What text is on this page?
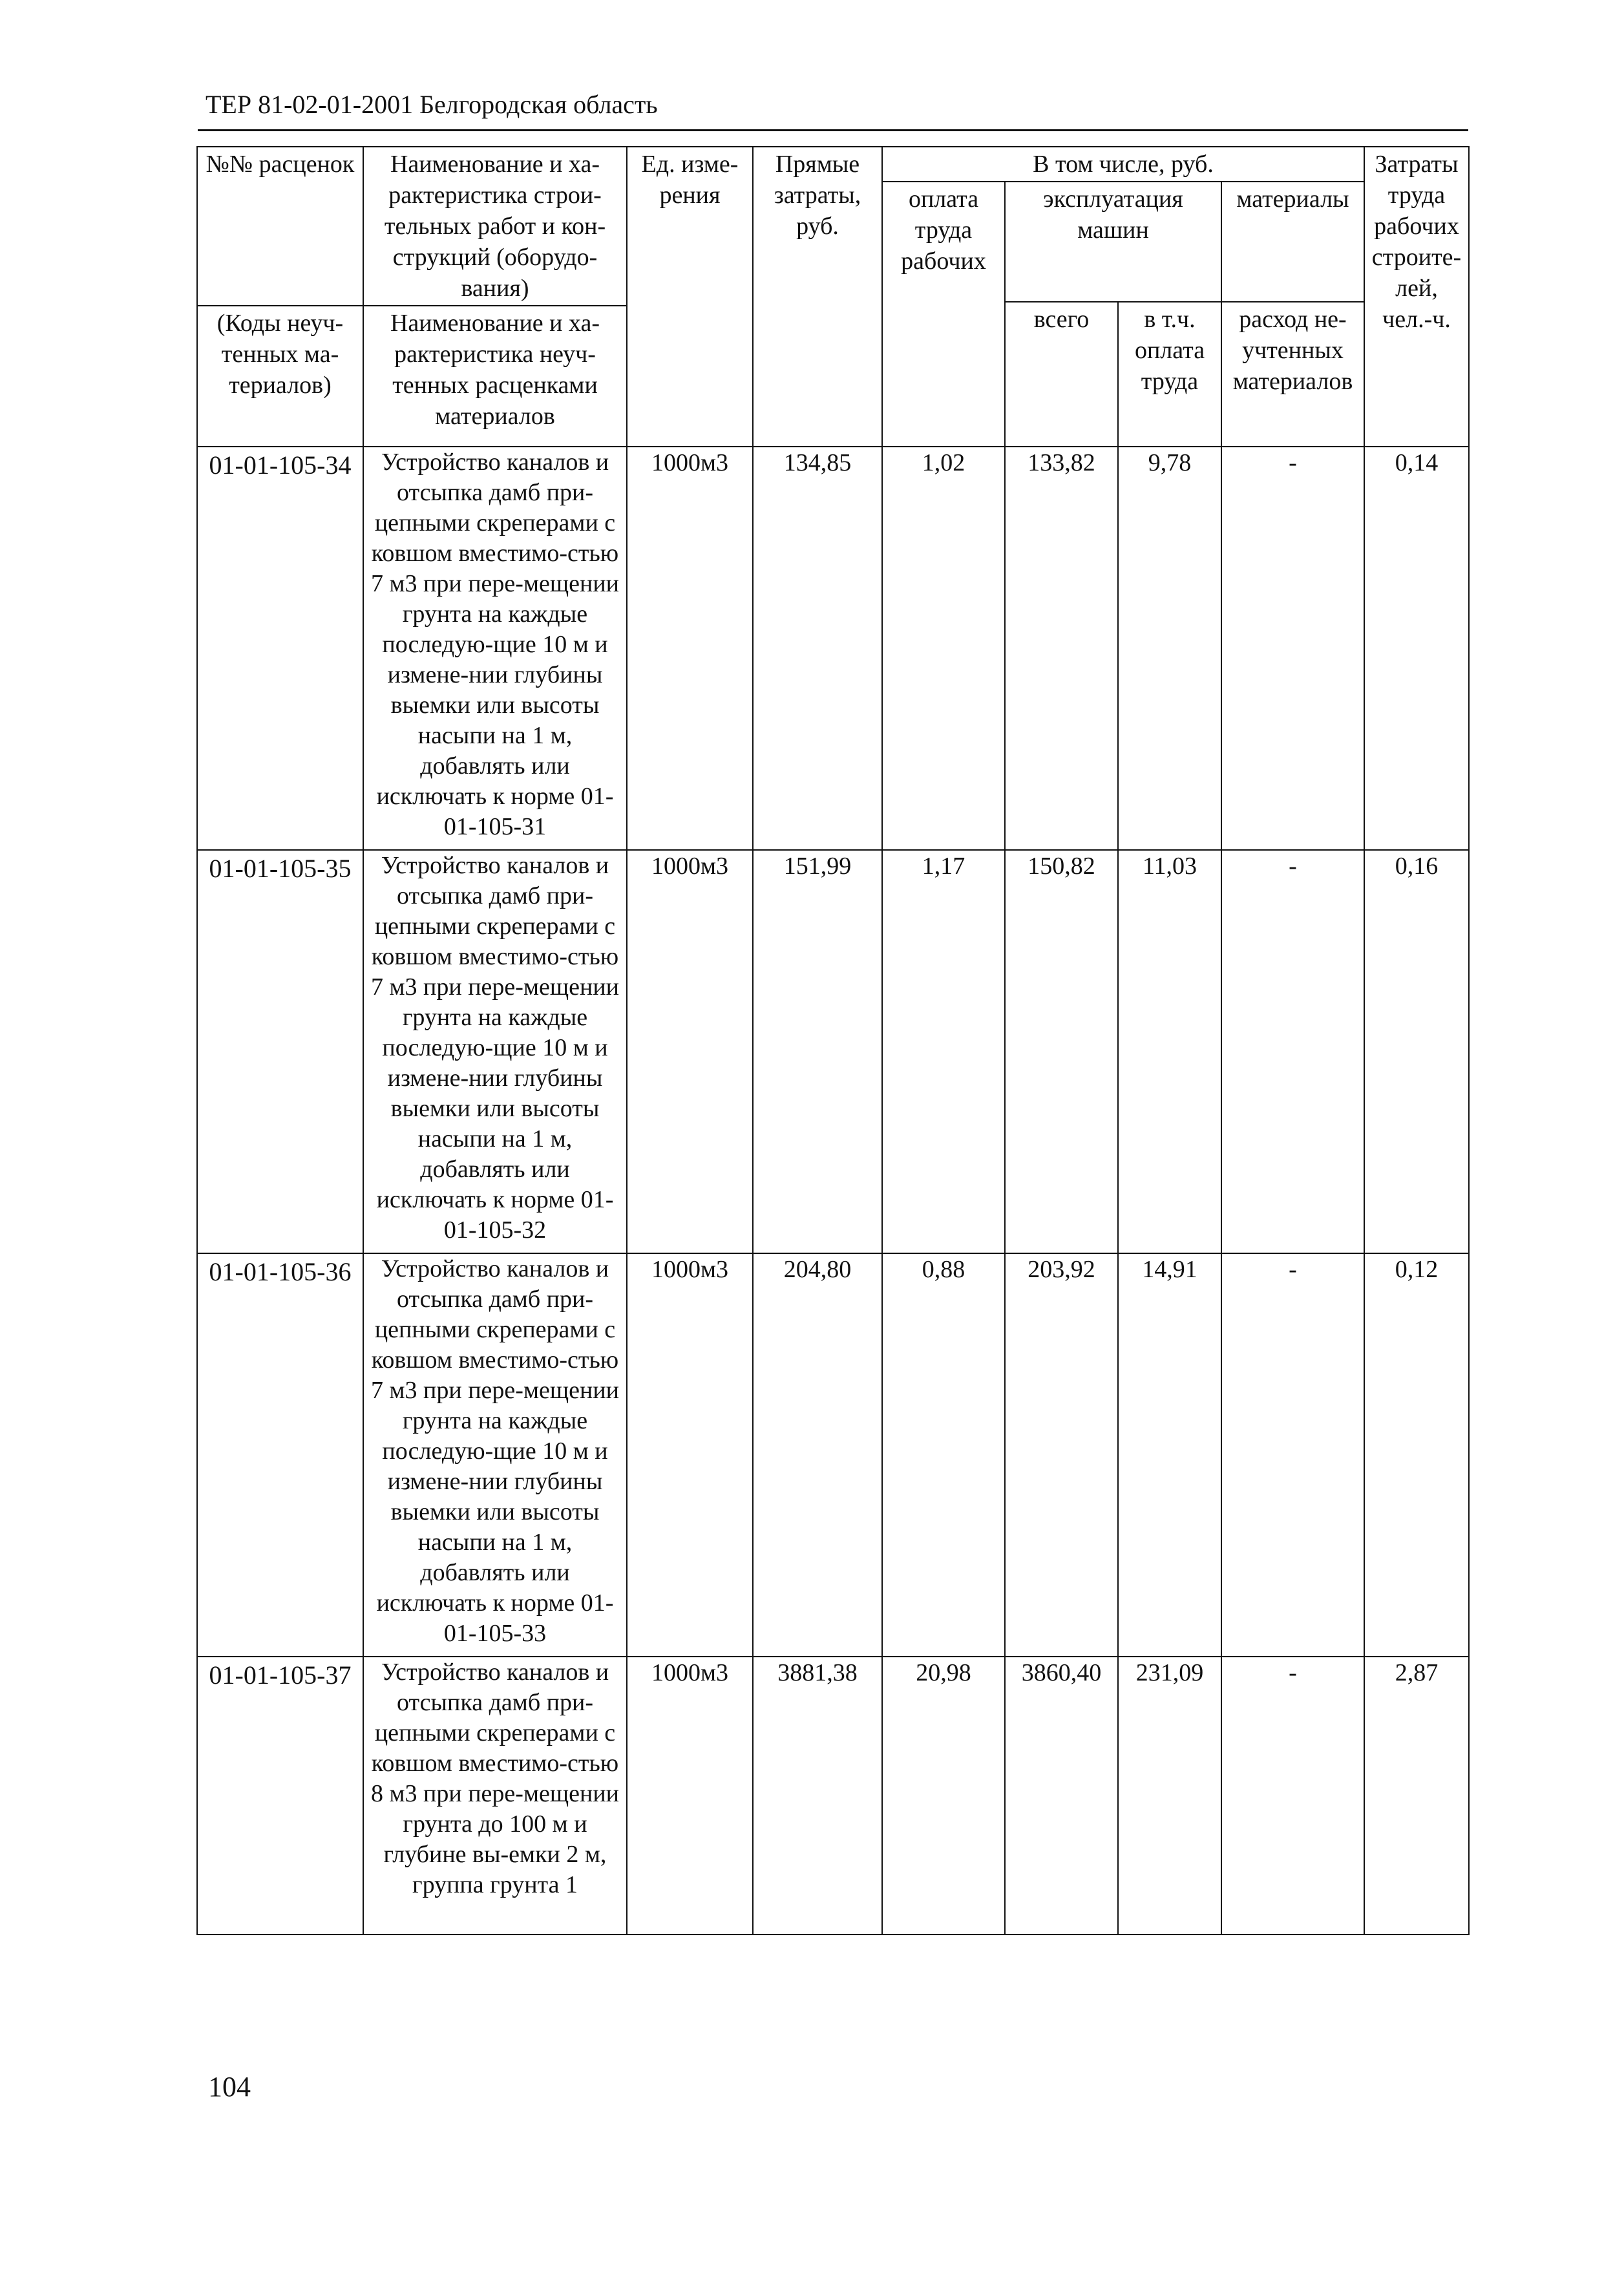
ТЕР 81-02-01-2001 Белгородская область
№№ расценок	Наименование и ха-рактеристика строи-тельных работ и кон-струкций (оборудо-вания)	Ед. изме-рения	Прямые затраты, руб.	В том числе, руб.				Затраты труда рабочих строите-лей, чел.-ч.
				оплата труда рабочих	эксплуатация машин		материалы	
					всего	в т.ч. оплата труда	расход не-учтенных материалов	
(Коды неуч-тенных ма-териалов)	Наименование и ха-рактеристика неуч-тенных расценками материалов							
01-01-105-34	Устройство каналов и отсыпка дамб при-цепными скреперами с ковшом вместимо-стью 7 м3 при пере-мещении грунта на каждые последую-щие 10 м и измене-нии глубины выемки или высоты насыпи на 1 м, добавлять или исключать к норме 01-01-105-31	1000м3	134,85	1,02	133,82	9,78	-	0,14
01-01-105-35	Устройство каналов и отсыпка дамб при-цепными скреперами с ковшом вместимо-стью 7 м3 при пере-мещении грунта на каждые последую-щие 10 м и измене-нии глубины выемки или высоты насыпи на 1 м, добавлять или исключать к норме 01-01-105-32	1000м3	151,99	1,17	150,82	11,03	-	0,16
01-01-105-36	Устройство каналов и отсыпка дамб при-цепными скреперами с ковшом вместимо-стью 7 м3 при пере-мещении грунта на каждые последую-щие 10 м и измене-нии глубины выемки или высоты насыпи на 1 м, добавлять или исключать к норме 01-01-105-33	1000м3	204,80	0,88	203,92	14,91	-	0,12
01-01-105-37	Устройство каналов и отсыпка дамб при-цепными скреперами с ковшом вместимо-стью 8 м3 при пере-мещении грунта до 100 м и глубине вы-емки 2 м, группа грунта 1	1000м3	3881,38	20,98	3860,40	231,09	-	2,87
104
